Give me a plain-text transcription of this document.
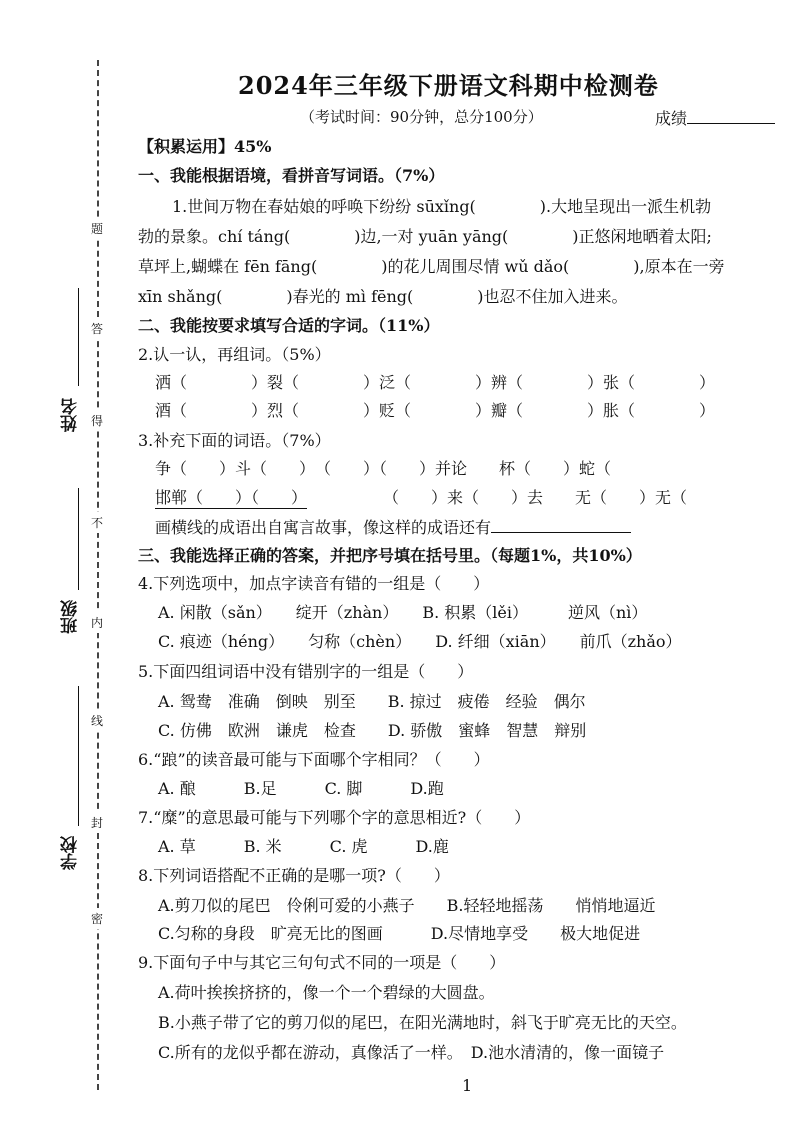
题
答
得
不
内
线
封
密
姓名
班级
学校
2024年三年级下册语文科期中检测卷
（考试时间：90分钟，总分100分）	成绩
【积累运用】45%
一、我能根据语境，看拼音写词语。（7%）
1.世间万物在春姑娘的呼唤下纷纷 sūxǐng(　　　　).大地呈现出一派生机勃
勃的景象。chí táng(　　　　)边,一对 yuān yāng(　　　　)正悠闲地晒着太阳;
草坪上,蝴蝶在 fēn fāng(　　　　)的花儿周围尽情 wǔ dǎo(　　　　),原本在一旁
xīn shǎng(　　　　)春光的 mì fēng(　　　　)也忍不住加入进来。
二、我能按要求填写合适的字词。（11%）
2.认一认，再组词。（5%）
洒（　　　　）裂（　　　　）泛（　　　　）辨（　　　　）张（　　　　）
酒（　　　　）烈（　　　　）贬（　　　　）瓣（　　　　）胀（　　　　）
3.补充下面的词语。（7%）
争（　　）斗（　　）　（　　）（　　）并论　　杯（　　）蛇（
邯郸（　　）（　　）	（　　）来（　　）去　　无（　　）无（
画横线的成语出自寓言故事，像这样的成语还有
三、我能选择正确的答案，并把序号填在括号里。（每题1%，共10%）
4.下列选项中，加点字读音有错的一组是（　　）
A. 闲散（sǎn）　　绽开（zhàn）　　B. 积累（lěi）　　　逆风（nì）
C. 痕迹（héng）　　匀称（chèn）　　D. 纤细（xiān）　　前爪（zhǎo）
5.下面四组词语中没有错别字的一组是（　　）
A. 鸳鸯　准确　倒映　别至　　B. 掠过　疲倦　经验　偶尔
C. 仿佛　欧洲　谦虎　检查　　D. 骄傲　蜜蜂　智慧　辩别
6.“踉”的读音最可能与下面哪个字相同？（　　）
A. 酿　　　B.足　　　C. 脚　　　D.跑
7.“糜”的意思最可能与下列哪个字的意思相近?（　　）
A. 草　　　B. 米　　　C. 虎　　　D.鹿
8.下列词语搭配不正确的是哪一项?（　　）
A.剪刀似的尾巴　伶俐可爱的小燕子　　B.轻轻地摇荡　　悄悄地逼近
C.匀称的身段　旷亮无比的图画　　　D.尽情地享受　　极大地促进
9.下面句子中与其它三句句式不同的一项是（　　）
A.荷叶挨挨挤挤的，像一个一个碧绿的大圆盘。
B.小燕子带了它的剪刀似的尾巴，在阳光满地时，斜飞于旷亮无比的天空。
C.所有的龙似乎都在游动，真像活了一样。　D.池水清清的，像一面镜子
1
